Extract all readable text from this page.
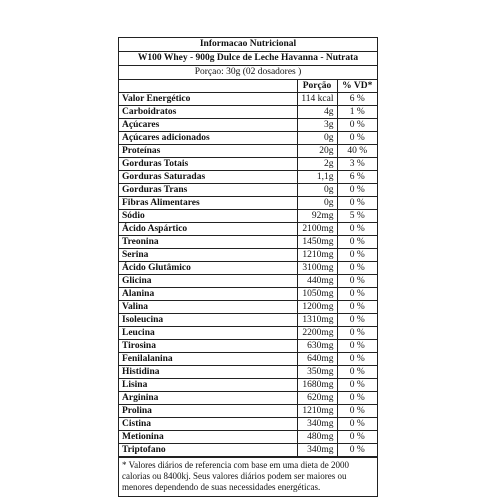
Informacao Nutricional
W100 Whey - 900g Dulce de Leche Havanna - Nutrata
Porçao: 30g (02 dosadores )
	Porção	% VD*
Valor Energético	114 kcal	6 %
Carboidratos	4g	1 %
Açúcares	3g	0 %
Açúcares adicionados	0g	0 %
Proteínas	20g	40 %
Gorduras Totais	2g	3 %
Gorduras Saturadas	1,1g	6 %
Gorduras Trans	0g	0 %
Fibras Alimentares	0g	0 %
Sódio	92mg	5 %
Ácido Aspártico	2100mg	0 %
Treonina	1450mg	0 %
Serina	1210mg	0 %
Ácido Glutâmico	3100mg	0 %
Glicina	440mg	0 %
Alanina	1050mg	0 %
Valina	1200mg	0 %
Isoleucina	1310mg	0 %
Leucina	2200mg	0 %
Tirosina	630mg	0 %
Fenilalanina	640mg	0 %
Histidina	350mg	0 %
Lisina	1680mg	0 %
Arginina	620mg	0 %
Prolina	1210mg	0 %
Cistina	340mg	0 %
Metionina	480mg	0 %
Triptofano	340mg	0 %
* Valores diários de referencia com base em uma dieta de 2000 calorias ou 8400kj. Seus valores diários podem ser maiores ou menores dependendo de suas necessidades energéticas.
